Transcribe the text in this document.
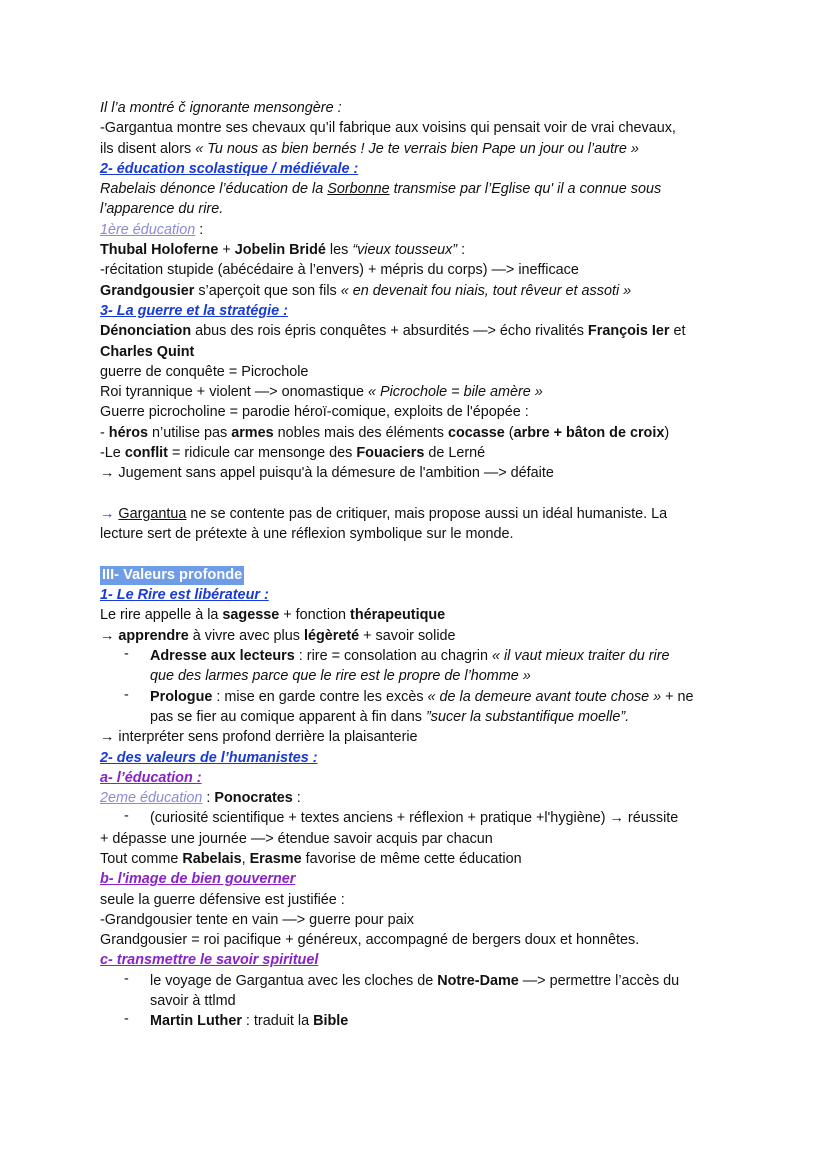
Il l’a montré č ignorante mensongère :
-Gargantua montre ses chevaux qu’il fabrique aux voisins qui pensait voir de vrai chevaux,
ils disent alors « Tu nous as bien bernés ! Je te verrais bien Pape un jour ou l’autre »
2- éducation scolastique / médiévale :
Rabelais dénonce l’éducation de la Sorbonne transmise par l’Eglise qu' il a connue sous
l’apparence du rire.
1ère éducation :
Thubal Holoferne + Jobelin Bridé les “vieux tousseux” :
-récitation stupide (abécédaire à l’envers) + mépris du corps) —> inefficace
Grandgousier s’aperçoit que son fils « en devenait fou niais, tout rêveur et assoti »
3- La guerre et la stratégie :
Dénonciation abus des rois épris conquêtes + absurdités —> écho rivalités François Ier et
Charles Quint
guerre de conquête = Picrochole
Roi tyrannique + violent —> onomastique « Picrochole = bile amère »
Guerre picrocholine = parodie héroï-comique, exploits de l'épopée :
- héros n’utilise pas armes nobles mais des éléments cocasse (arbre + bâton de croix)
-Le conflit = ridicule car mensonge des Fouaciers de Lerné
→ Jugement sans appel puisqu'à la démesure de l'ambition —> défaite
→ Gargantua ne se contente pas de critiquer, mais propose aussi un idéal humaniste. La
lecture sert de prétexte à une réflexion symbolique sur le monde.
III- Valeurs profonde
1- Le Rire est libérateur :
Le rire appelle à la sagesse + fonction thérapeutique
→ apprendre à vivre avec plus légèreté + savoir solide
- Adresse aux lecteurs : rire = consolation au chagrin « il vaut mieux traiter du rire
que des larmes parce que le rire est le propre de l’homme »
- Prologue : mise en garde contre les excès « de la demeure avant toute chose » + ne
pas se fier au comique apparent à fin dans ”sucer la substantifique moelle”.
→ interpréter sens profond derrière la plaisanterie
2- des valeurs de l’humanistes :
a- l’éducation :
2eme éducation : Ponocrates :
- (curiosité scientifique + textes anciens + réflexion + pratique +l'hygiène) → réussite
+ dépasse une journée —> étendue savoir acquis par chacun
Tout comme Rabelais, Erasme favorise de même cette éducation
b- l'image de bien gouverner
seule la guerre défensive est justifiée :
-Grandgousier tente en vain —> guerre pour paix
Grandgousier = roi pacifique + généreux, accompagné de bergers doux et honnêtes.
c- transmettre le savoir spirituel
- le voyage de Gargantua avec les cloches de Notre-Dame —> permettre l’accès du
savoir à ttlmd
- Martin Luther : traduit la Bible
